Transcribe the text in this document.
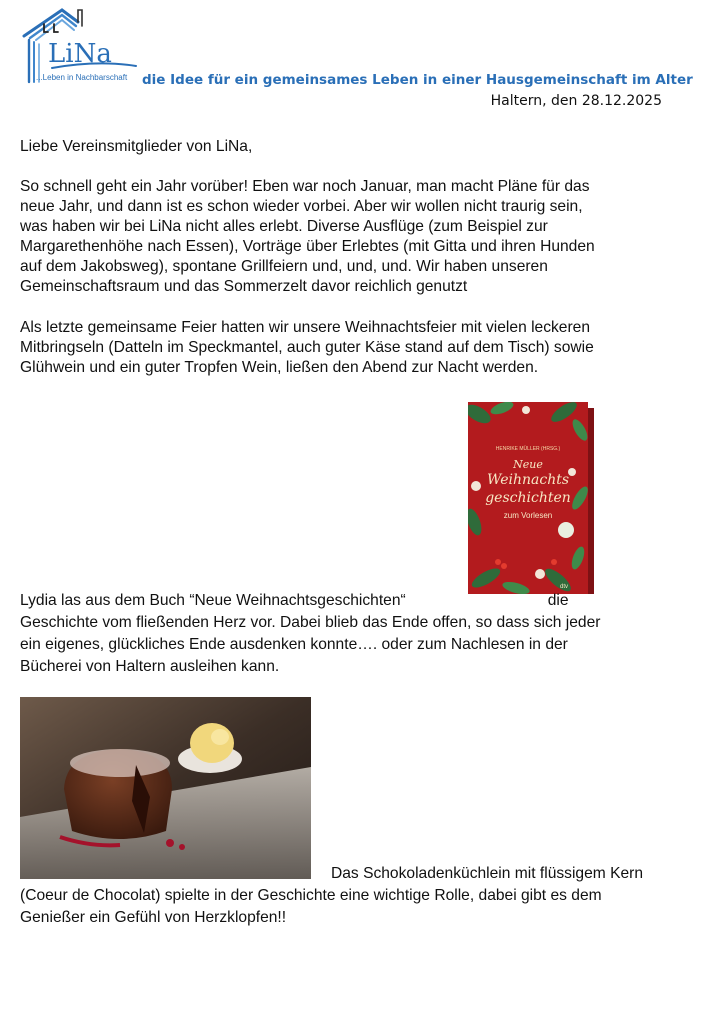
LiNa
...Leben in Nachbarschaft die Idee für ein gemeinsames Leben in einer Hausgemeinschaft im Alter
Haltern, den 28.12.2025

Liebe Vereinsmitglieder von LiNa,

So schnell geht ein Jahr vorüber! Eben war noch Januar, man macht Pläne für das
neue Jahr, und dann ist es schon wieder vorbei. Aber wir wollen nicht traurig sein,
was haben wir bei LiNa nicht alles erlebt. Diverse Ausflüge (zum Beispiel zur
Margarethenhöhe nach Essen), Vorträge über Erlebtes (mit Gitta und ihren Hunden
auf dem Jakobsweg), spontane Grillfeiern und, und, und. Wir haben unseren
Gemeinschaftsraum und das Sommerzelt davor reichlich genutzt

Als letzte gemeinsame Feier hatten wir unsere Weihnachtsfeier mit vielen leckeren
Mitbringseln (Datteln im Speckmantel, auch guter Käse stand auf dem Tisch) sowie
Glühwein und ein guter Tropfen Wein, ließen den Abend zur Nacht werden.

HENRIKE MÜLLER (HRSG.)
Neue
Weihnachts
geschichten
zum Vorlesen
dtv

Lydia las aus dem Buch “Neue Weihnachtsgeschichten“	die
Geschichte vom fließenden Herz vor. Dabei blieb das Ende offen, so dass sich jeder
ein eigenes, glückliches Ende ausdenken konnte…. oder zum Nachlesen in der
Bücherei von Haltern ausleihen kann.

Das Schokoladenküchlein mit flüssigem Kern
(Coeur de Chocolat) spielte in der Geschichte eine wichtige Rolle, dabei gibt es dem
Genießer ein Gefühl von Herzklopfen!!
